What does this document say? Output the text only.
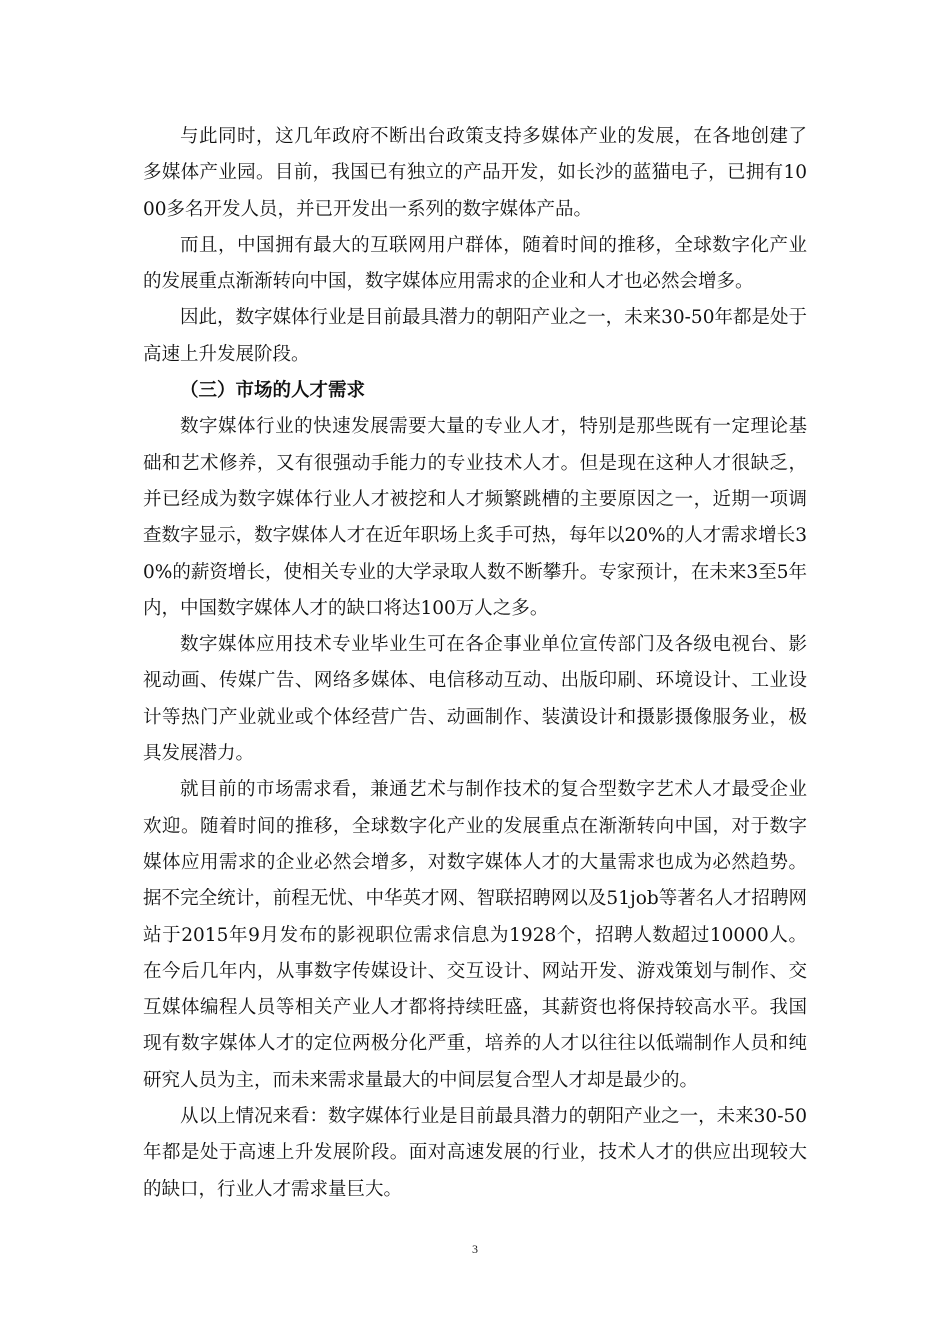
与此同时，这几年政府不断出台政策支持多媒体产业的发展，在各地创建了多媒体产业园。目前，我国已有独立的产品开发，如长沙的蓝猫电子，已拥有1000多名开发人员，并已开发出一系列的数字媒体产品。

而且，中国拥有最大的互联网用户群体，随着时间的推移，全球数字化产业的发展重点渐渐转向中国，数字媒体应用需求的企业和人才也必然会增多。

因此，数字媒体行业是目前最具潜力的朝阳产业之一，未来30-50年都是处于高速上升发展阶段。

（三）市场的人才需求

数字媒体行业的快速发展需要大量的专业人才，特别是那些既有一定理论基础和艺术修养，又有很强动手能力的专业技术人才。但是现在这种人才很缺乏，并已经成为数字媒体行业人才被挖和人才频繁跳槽的主要原因之一，近期一项调查数字显示，数字媒体人才在近年职场上炙手可热，每年以20%的人才需求增长30%的薪资增长，使相关专业的大学录取人数不断攀升。专家预计，在未来3至5年内，中国数字媒体人才的缺口将达100万人之多。

数字媒体应用技术专业毕业生可在各企事业单位宣传部门及各级电视台、影视动画、传媒广告、网络多媒体、电信移动互动、出版印刷、环境设计、工业设计等热门产业就业或个体经营广告、动画制作、装潢设计和摄影摄像服务业，极具发展潜力。

就目前的市场需求看，兼通艺术与制作技术的复合型数字艺术人才最受企业欢迎。随着时间的推移，全球数字化产业的发展重点在渐渐转向中国，对于数字媒体应用需求的企业必然会增多，对数字媒体人才的大量需求也成为必然趋势。据不完全统计，前程无忧、中华英才网、智联招聘网以及51job等著名人才招聘网站于2015年9月发布的影视职位需求信息为1928个，招聘人数超过10000人。在今后几年内，从事数字传媒设计、交互设计、网站开发、游戏策划与制作、交互媒体编程人员等相关产业人才都将持续旺盛，其薪资也将保持较高水平。我国现有数字媒体人才的定位两极分化严重，培养的人才以往往以低端制作人员和纯研究人员为主，而未来需求量最大的中间层复合型人才却是最少的。

从以上情况来看：数字媒体行业是目前最具潜力的朝阳产业之一，未来30-50年都是处于高速上升发展阶段。面对高速发展的行业，技术人才的供应出现较大的缺口，行业人才需求量巨大。

3
